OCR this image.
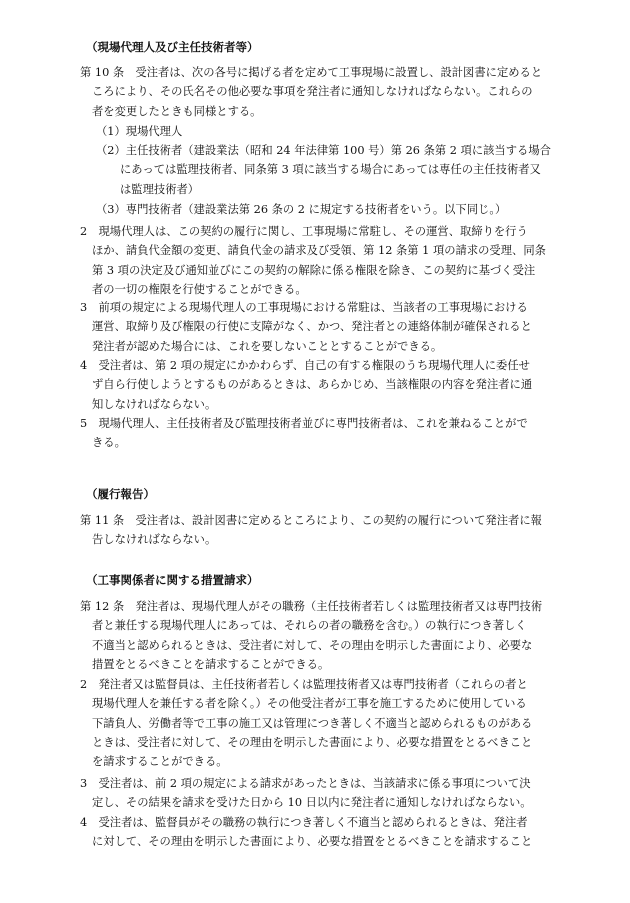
（現場代理人及び主任技術者等）
第 10 条　受注者は、次の各号に掲げる者を定めて工事現場に設置し、設計図書に定めると
ころにより、その氏名その他必要な事項を発注者に通知しなければならない。これらの
者を変更したときも同様とする。
（1）現場代理人
（2）主任技術者（建設業法（昭和 24 年法律第 100 号）第 26 条第 2 項に該当する場合
にあっては監理技術者、同条第 3 項に該当する場合にあっては専任の主任技術者又
は監理技術者）
（3）専門技術者（建設業法第 26 条の 2 に規定する技術者をいう。以下同じ。）
2　現場代理人は、この契約の履行に関し、工事現場に常駐し、その運営、取締りを行う
ほか、請負代金額の変更、請負代金の請求及び受領、第 12 条第 1 項の請求の受理、同条
第 3 項の決定及び通知並びにこの契約の解除に係る権限を除き、この契約に基づく受注
者の一切の権限を行使することができる。
3　前項の規定による現場代理人の工事現場における常駐は、当該者の工事現場における
運営、取締り及び権限の行使に支障がなく、かつ、発注者との連絡体制が確保されると
発注者が認めた場合には、これを要しないこととすることができる。
4　受注者は、第 2 項の規定にかかわらず、自己の有する権限のうち現場代理人に委任せ
ず自ら行使しようとするものがあるときは、あらかじめ、当該権限の内容を発注者に通
知しなければならない。
5　現場代理人、主任技術者及び監理技術者並びに専門技術者は、これを兼ねることがで
きる。
（履行報告）
第 11 条　受注者は、設計図書に定めるところにより、この契約の履行について発注者に報
告しなければならない。
（工事関係者に関する措置請求）
第 12 条　発注者は、現場代理人がその職務（主任技術者若しくは監理技術者又は専門技術
者と兼任する現場代理人にあっては、それらの者の職務を含む。）の執行につき著しく
不適当と認められるときは、受注者に対して、その理由を明示した書面により、必要な
措置をとるべきことを請求することができる。
2　発注者又は監督員は、主任技術者若しくは監理技術者又は専門技術者（これらの者と
現場代理人を兼任する者を除く。）その他受注者が工事を施工するために使用している
下請負人、労働者等で工事の施工又は管理につき著しく不適当と認められるものがある
ときは、受注者に対して、その理由を明示した書面により、必要な措置をとるべきこと
を請求することができる。
3　受注者は、前 2 項の規定による請求があったときは、当該請求に係る事項について決
定し、その結果を請求を受けた日から 10 日以内に発注者に通知しなければならない。
4　受注者は、監督員がその職務の執行につき著しく不適当と認められるときは、発注者
に対して、その理由を明示した書面により、必要な措置をとるべきことを請求すること
